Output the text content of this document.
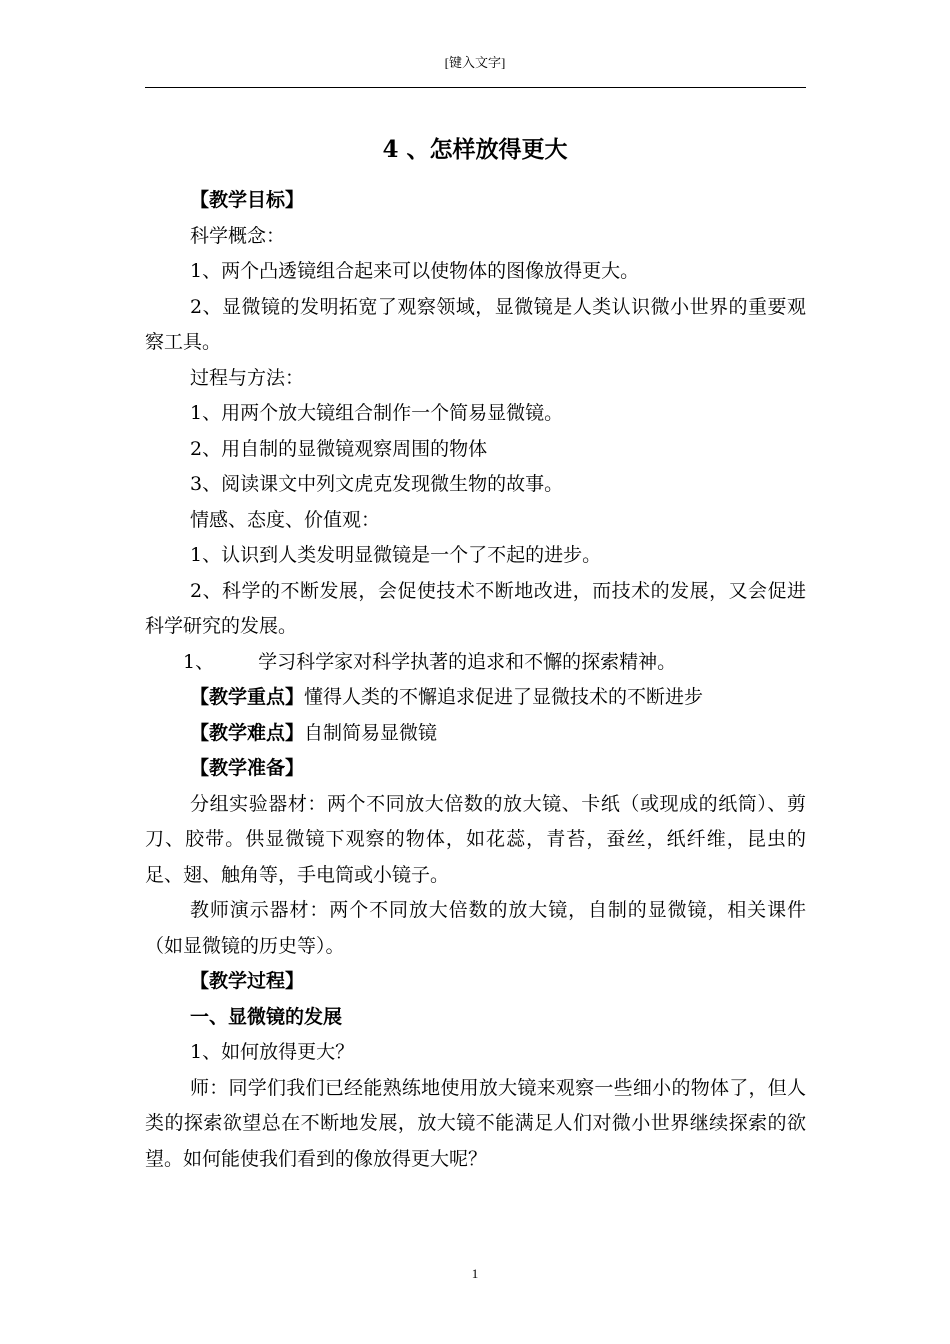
[键入文字]
4 、怎样放得更大

【教学目标】

科学概念：

1、两个凸透镜组合起来可以使物体的图像放得更大。

2、显微镜的发明拓宽了观察领域，显微镜是人类认识微小世界的重要观察工具。

过程与方法：

1、用两个放大镜组合制作一个简易显微镜。

2、用自制的显微镜观察周围的物体

3、阅读课文中列文虎克发现微生物的故事。

情感、态度、价值观：

1、认识到人类发明显微镜是一个了不起的进步。

2、科学的不断发展，会促使技术不断地改进，而技术的发展，又会促进科学研究的发展。

1、 学习科学家对科学执著的追求和不懈的探索精神。

【教学重点】懂得人类的不懈追求促进了显微技术的不断进步

【教学难点】自制简易显微镜

【教学准备】

分组实验器材：两个不同放大倍数的放大镜、卡纸（或现成的纸筒）、剪刀、胶带。供显微镜下观察的物体，如花蕊，青苔，蚕丝，纸纤维，昆虫的足、翅、触角等，手电筒或小镜子。

教师演示器材：两个不同放大倍数的放大镜，自制的显微镜，相关课件（如显微镜的历史等）。

【教学过程】

一、显微镜的发展

1、如何放得更大？

师：同学们我们已经能熟练地使用放大镜来观察一些细小的物体了，但人类的探索欲望总在不断地发展，放大镜不能满足人们对微小世界继续探索的欲望。如何能使我们看到的像放得更大呢？

1
